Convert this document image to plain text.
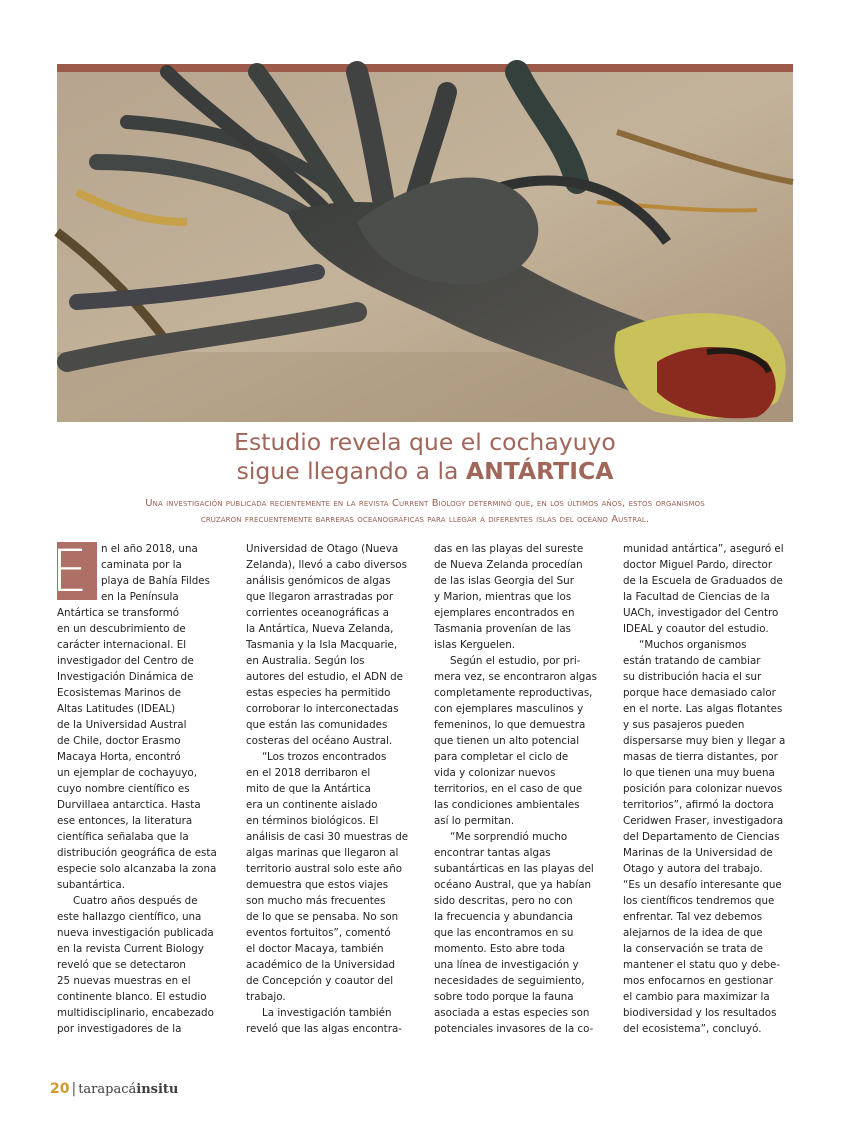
Estudio revela que el cochayuyo
sigue llegando a la ANTÁRTICA
Una investigación publicada recientemente en la revista Current Biology determinó que, en los últimos años, estos organismos
cruzaron frecuentemente barreras oceanográficas para llegar a diferentes islas del océano Austral.
E	n el año 2018, una
caminata por la
playa de Bahía Fildes
en la Península
Antártica se transformó
en un descubrimiento de
carácter internacional. El
investigador del Centro de
Investigación Dinámica de
Ecosistemas Marinos de
Altas Latitudes (IDEAL)
de la Universidad Austral
de Chile, doctor Erasmo
Macaya Horta, encontró
un ejemplar de cochayuyo,
cuyo nombre científico es
Durvillaea antarctica. Hasta
ese entonces, la literatura
científica señalaba que la
distribución geográfica de esta
especie solo alcanzaba la zona
subantártica.
Cuatro años después de
este hallazgo científico, una
nueva investigación publicada
en la revista Current Biology
reveló que se detectaron
25 nuevas muestras en el
continente blanco. El estudio
multidisciplinario, encabezado
por investigadores de la
Universidad de Otago (Nueva
Zelanda), llevó a cabo diversos
análisis genómicos de algas
que llegaron arrastradas por
corrientes oceanográficas a
la Antártica, Nueva Zelanda,
Tasmania y la Isla Macquarie,
en Australia. Según los
autores del estudio, el ADN de
estas especies ha permitido
corroborar lo interconectadas
que están las comunidades
costeras del océano Austral.
“Los trozos encontrados
en el 2018 derribaron el
mito de que la Antártica
era un continente aislado
en términos biológicos. El
análisis de casi 30 muestras de
algas marinas que llegaron al
territorio austral solo este año
demuestra que estos viajes
son mucho más frecuentes
de lo que se pensaba. No son
eventos fortuitos”, comentó
el doctor Macaya, también
académico de la Universidad
de Concepción y coautor del
trabajo.
La investigación también
reveló que las algas encontra-
das en las playas del sureste
de Nueva Zelanda procedían
de las islas Georgia del Sur
y Marion, mientras que los
ejemplares encontrados en
Tasmania provenían de las
islas Kerguelen.
Según el estudio, por pri-
mera vez, se encontraron algas
completamente reproductivas,
con ejemplares masculinos y
femeninos, lo que demuestra
que tienen un alto potencial
para completar el ciclo de
vida y colonizar nuevos
territorios, en el caso de que
las condiciones ambientales
así lo permitan.
“Me sorprendió mucho
encontrar tantas algas
subantárticas en las playas del
océano Austral, que ya habían
sido descritas, pero no con
la frecuencia y abundancia
que las encontramos en su
momento. Esto abre toda
una línea de investigación y
necesidades de seguimiento,
sobre todo porque la fauna
asociada a estas especies son
potenciales invasores de la co-
munidad antártica”, aseguró el
doctor Miguel Pardo, director
de la Escuela de Graduados de
la Facultad de Ciencias de la
UACh, investigador del Centro
IDEAL y coautor del estudio.
“Muchos organismos
están tratando de cambiar
su distribución hacia el sur
porque hace demasiado calor
en el norte. Las algas flotantes
y sus pasajeros pueden
dispersarse muy bien y llegar a
masas de tierra distantes, por
lo que tienen una muy buena
posición para colonizar nuevos
territorios”, afirmó la doctora
Ceridwen Fraser, investigadora
del Departamento de Ciencias
Marinas de la Universidad de
Otago y autora del trabajo.
“Es un desafío interesante que
los científicos tendremos que
enfrentar. Tal vez debemos
alejarnos de la idea de que
la conservación se trata de
mantener el statu quo y debe-
mos enfocarnos en gestionar
el cambio para maximizar la
biodiversidad y los resultados
del ecosistema”, concluyó.
20 | tarapacáinsitu
